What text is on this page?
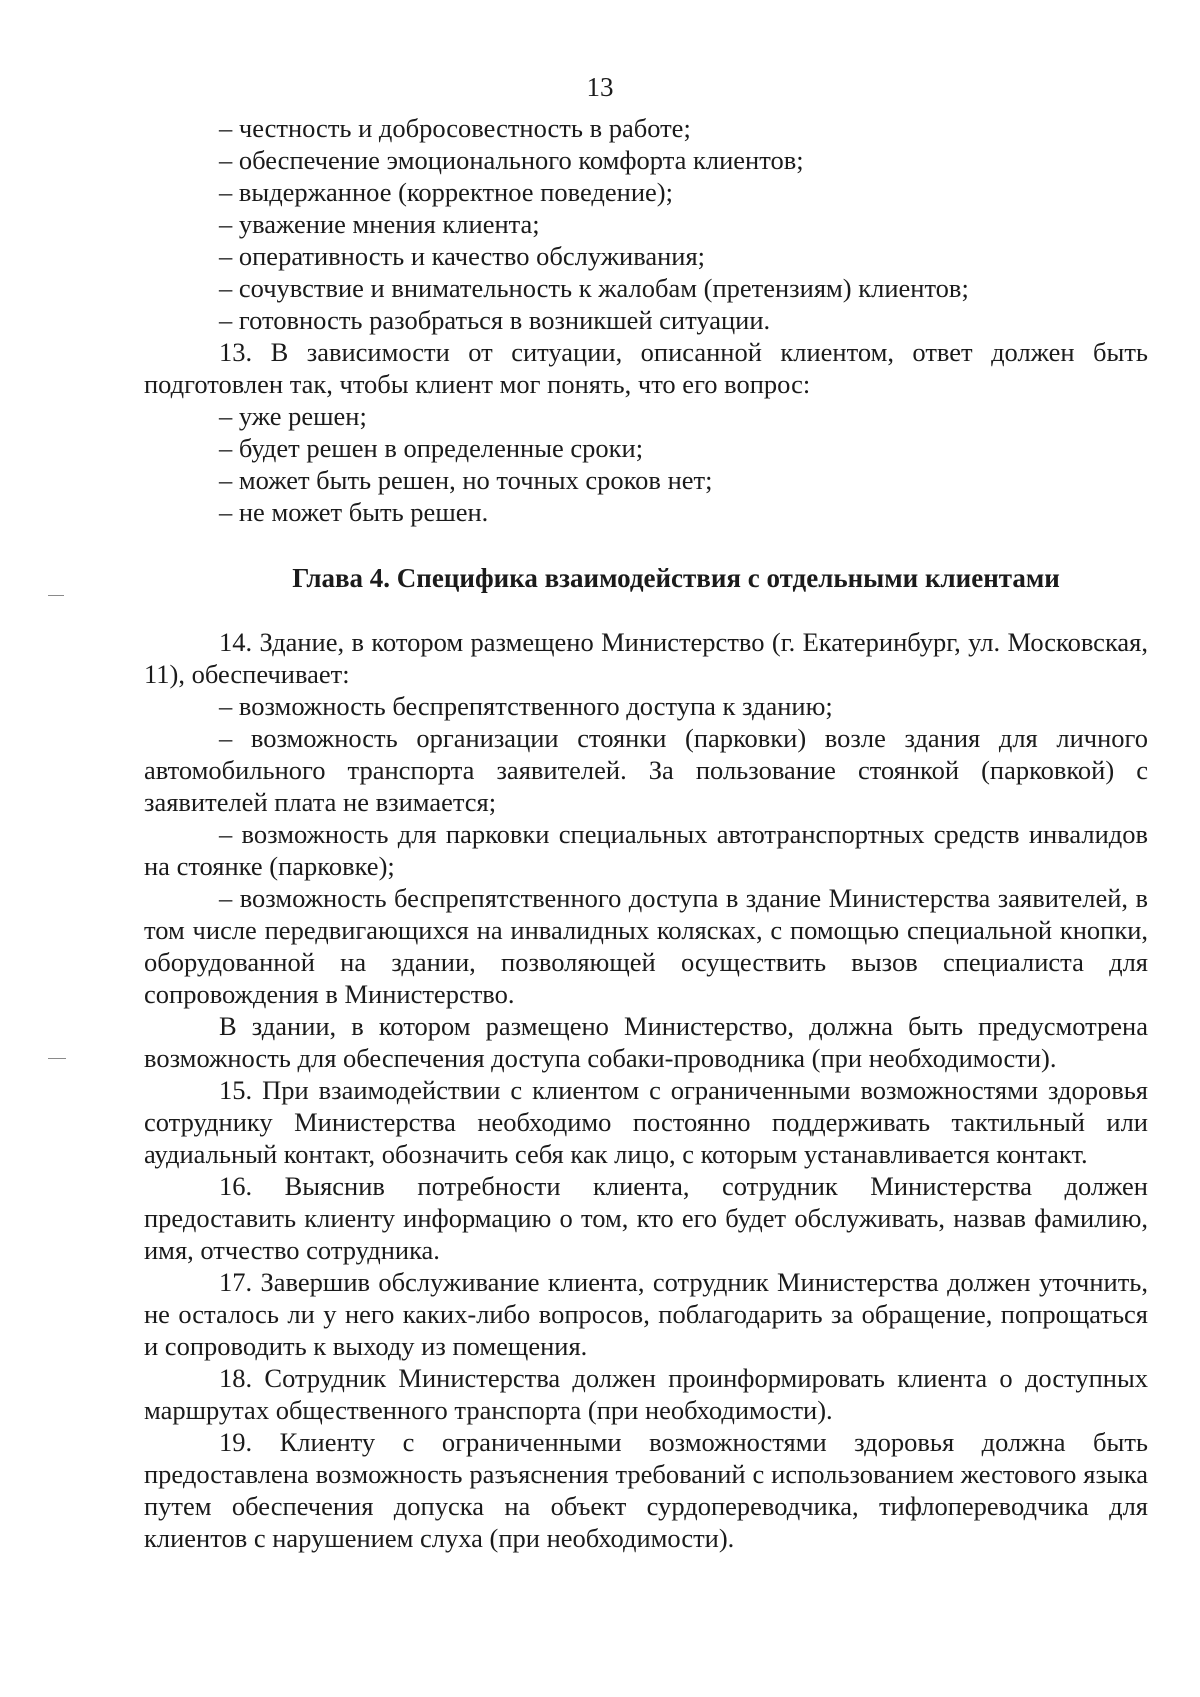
13

– честность и добросовестность в работе;

– обеспечение эмоционального комфорта клиентов;

– выдержанное (корректное поведение);

– уважение мнения клиента;

– оперативность и качество обслуживания;

– сочувствие и внимательность к жалобам (претензиям) клиентов;

– готовность разобраться в возникшей ситуации.

13. В зависимости от ситуации, описанной клиентом, ответ должен быть подготовлен так, чтобы клиент мог понять, что его вопрос:

– уже решен;

– будет решен в определенные сроки;

– может быть решен, но точных сроков нет;

– не может быть решен.

Глава 4. Специфика взаимодействия с отдельными клиентами

14. Здание, в котором размещено Министерство (г. Екатеринбург, ул. Московская, 11), обеспечивает:

– возможность беспрепятственного доступа к зданию;

– возможность организации стоянки (парковки) возле здания для личного автомобильного транспорта заявителей. За пользование стоянкой (парковкой) с заявителей плата не взимается;

– возможность для парковки специальных автотранспортных средств инвалидов на стоянке (парковке);

– возможность беспрепятственного доступа в здание Министерства заявителей, в том числе передвигающихся на инвалидных колясках, с помощью специальной кнопки, оборудованной на здании, позволяющей осуществить вызов специалиста для сопровождения в Министерство.

В здании, в котором размещено Министерство, должна быть предусмотрена возможность для обеспечения доступа собаки-проводника (при необходимости).

15. При взаимодействии с клиентом с ограниченными возможностями здоровья сотруднику Министерства необходимо постоянно поддерживать тактильный или аудиальный контакт, обозначить себя как лицо, с которым устанавливается контакт.

16. Выяснив потребности клиента, сотрудник Министерства должен предоставить клиенту информацию о том, кто его будет обслуживать, назвав фамилию, имя, отчество сотрудника.

17. Завершив обслуживание клиента, сотрудник Министерства должен уточнить, не осталось ли у него каких-либо вопросов, поблагодарить за обращение, попрощаться и сопроводить к выходу из помещения.

18. Сотрудник Министерства должен проинформировать клиента о доступных маршрутах общественного транспорта (при необходимости).

19. Клиенту с ограниченными возможностями здоровья должна быть предоставлена возможность разъяснения требований с использованием жестового языка путем обеспечения допуска на объект сурдопереводчика, тифлопереводчика для клиентов с нарушением слуха (при необходимости).
